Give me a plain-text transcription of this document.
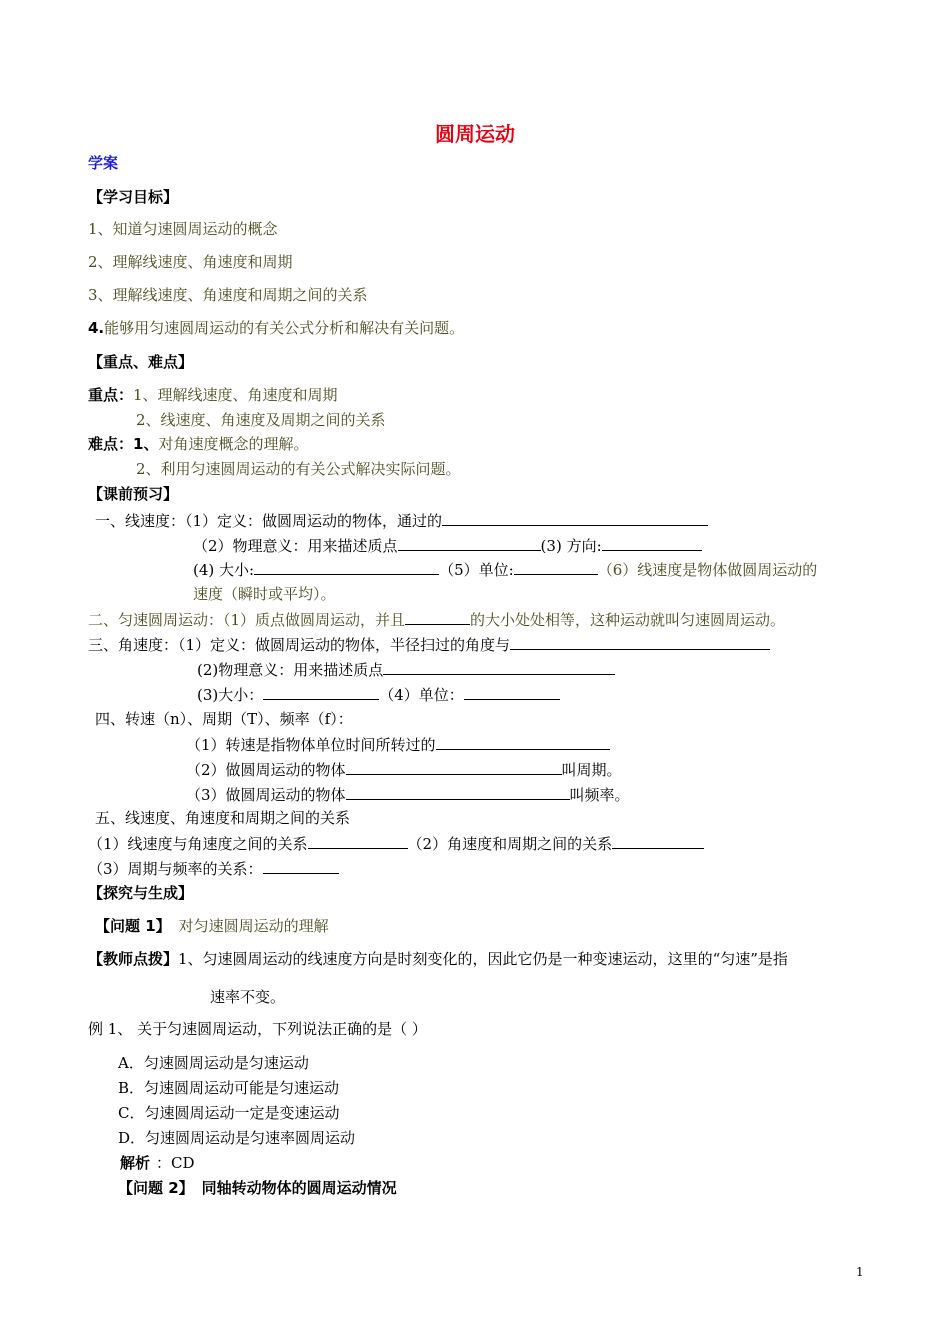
圆周运动
学案
【学习目标】
1、知道匀速圆周运动的概念
2、理解线速度、角速度和周期
3、理解线速度、角速度和周期之间的关系
4.能够用匀速圆周运动的有关公式分析和解决有关问题。
【重点、难点】
重点：1、理解线速度、角速度和周期
2、线速度、角速度及周期之间的关系
难点：1、对角速度概念的理解。
2、利用匀速圆周运动的有关公式解决实际问题。
【课前预习】
一、线速度：（1）定义：做圆周运动的物体，通过的
（2）物理意义：用来描述质点	(3) 方向:
(4) 大小:	（5）单位:	（6）线速度是物体做圆周运动的
速度（瞬时或平均）。
二、匀速圆周运动：（1）质点做圆周运动，并且	的大小处处相等，这种运动就叫匀速圆周运动。
三、角速度：（1）定义：做圆周运动的物体，半径扫过的角度与
(2)物理意义：用来描述质点
(3)大小：	（4）单位：
四、转速（n）、周期（T）、频率（f）：
（1）转速是指物体单位时间所转过的
（2）做圆周运动的物体	叫周期。
（3）做圆周运动的物体	叫频率。
五、线速度、角速度和周期之间的关系
（1）线速度与角速度之间的关系	（2）角速度和周期之间的关系
（3）周期与频率的关系：
【探究与生成】
【问题 1】 对匀速圆周运动的理解
【教师点拨】1、匀速圆周运动的线速度方向是时刻变化的，因此它仍是一种变速运动，这里的“匀速”是指
速率不变。
例 1、 关于匀速圆周运动，下列说法正确的是（ ）
A．匀速圆周运动是匀速运动
B．匀速圆周运动可能是匀速运动
C．匀速圆周运动一定是变速运动
D．匀速圆周运动是匀速率圆周运动
解析 ：CD
【问题 2】 同轴转动物体的圆周运动情况
1
